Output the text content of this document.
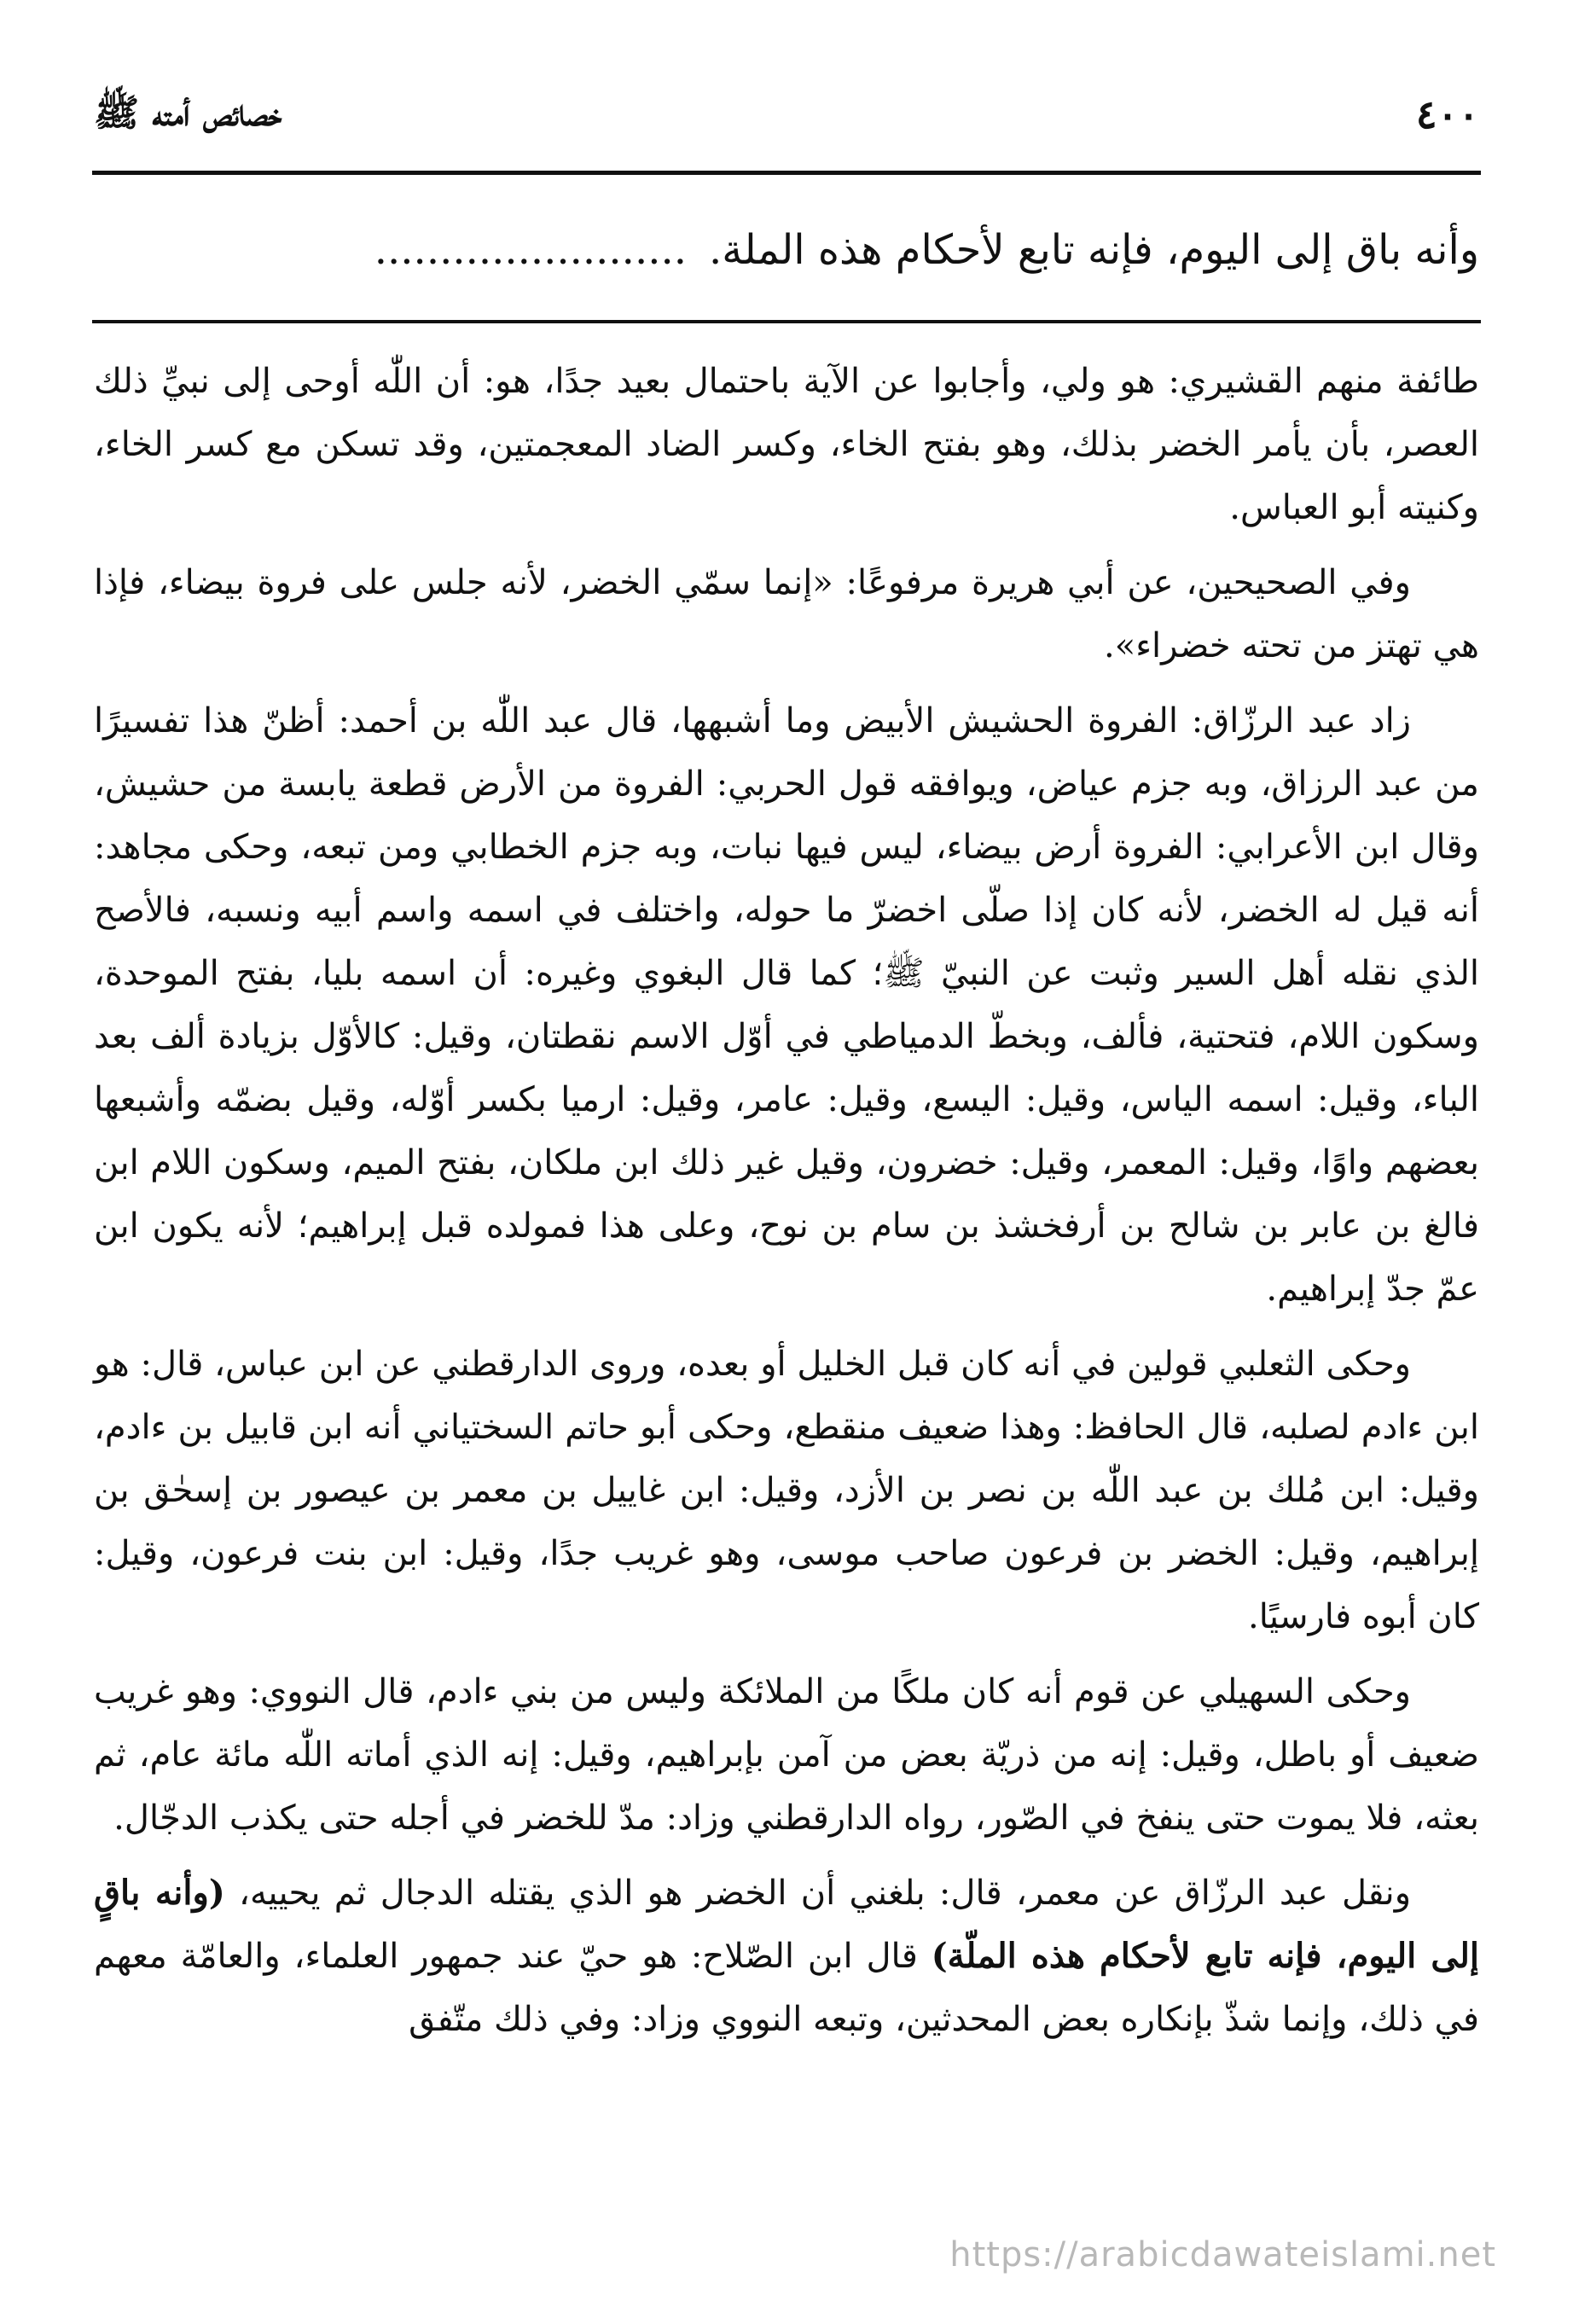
٤٠٠
خصائص أمته ﷺ
وأنه باق إلى اليوم، فإنه تابع لأحكام هذه الملة.........................

طائفة منهم القشيري: هو ولي، وأجابوا عن الآية باحتمال بعيد جدًا، هو: أن اللّٰه أوحى إلى نبيِّ ذلك العصر، بأن يأمر الخضر بذلك، وهو بفتح الخاء، وكسر الضاد المعجمتين، وقد تسكن مع كسر الخاء، وكنيته أبو العباس.

وفي الصحيحين، عن أبي هريرة مرفوعًا: «إنما سمّي الخضر، لأنه جلس على فروة بيضاء، فإذا هي تهتز من تحته خضراء».

زاد عبد الرزّاق: الفروة الحشيش الأبيض وما أشبهها، قال عبد اللّٰه بن أحمد: أظنّ هذا تفسيرًا من عبد الرزاق، وبه جزم عياض، ويوافقه قول الحربي: الفروة من الأرض قطعة يابسة من حشيش، وقال ابن الأعرابي: الفروة أرض بيضاء، ليس فيها نبات، وبه جزم الخطابي ومن تبعه، وحكى مجاهد: أنه قيل له الخضر، لأنه كان إذا صلّى اخضرّ ما حوله، واختلف في اسمه واسم أبيه ونسبه، فالأصح الذي نقله أهل السير وثبت عن النبيّ ﷺ؛ كما قال البغوي وغيره: أن اسمه بليا، بفتح الموحدة، وسكون اللام، فتحتية، فألف، وبخطّ الدمياطي في أوّل الاسم نقطتان، وقيل: كالأوّل بزيادة ألف بعد الباء، وقيل: اسمه الياس، وقيل: اليسع، وقيل: عامر، وقيل: ارميا بكسر أوّله، وقيل بضمّه وأشبعها بعضهم واوًا، وقيل: المعمر، وقيل: خضرون، وقيل غير ذلك ابن ملكان، بفتح الميم، وسكون اللام ابن فالغ بن عابر بن شالح بن أرفخشذ بن سام بن نوح، وعلى هذا فمولده قبل إبراهيم؛ لأنه يكون ابن عمّ جدّ إبراهيم.

وحكى الثعلبي قولين في أنه كان قبل الخليل أو بعده، وروى الدارقطني عن ابن عباس، قال: هو ابن ءادم لصلبه، قال الحافظ: وهذا ضعيف منقطع، وحكى أبو حاتم السختياني أنه ابن قابيل بن ءادم، وقيل: ابن مُلك بن عبد اللّٰه بن نصر بن الأزد، وقيل: ابن غاييل بن معمر بن عيصور بن إسحٰق بن إبراهيم، وقيل: الخضر بن فرعون صاحب موسى، وهو غريب جدًا، وقيل: ابن بنت فرعون، وقيل: كان أبوه فارسيًا.

وحكى السهيلي عن قوم أنه كان ملكًا من الملائكة وليس من بني ءادم، قال النووي: وهو غريب ضعيف أو باطل، وقيل: إنه من ذريّة بعض من آمن بإبراهيم، وقيل: إنه الذي أماته اللّٰه مائة عام، ثم بعثه، فلا يموت حتى ينفخ في الصّور، رواه الدارقطني وزاد: مدّ للخضر في أجله حتى يكذب الدجّال.

ونقل عبد الرزّاق عن معمر، قال: بلغني أن الخضر هو الذي يقتله الدجال ثم يحييه، (وأنه باقٍ إلى اليوم، فإنه تابع لأحكام هذه الملّة) قال ابن الصّلاح: هو حيّ عند جمهور العلماء، والعامّة معهم في ذلك، وإنما شذّ بإنكاره بعض المحدثين، وتبعه النووي وزاد: وفي ذلك متّفق

https://arabicdawateislami.net
